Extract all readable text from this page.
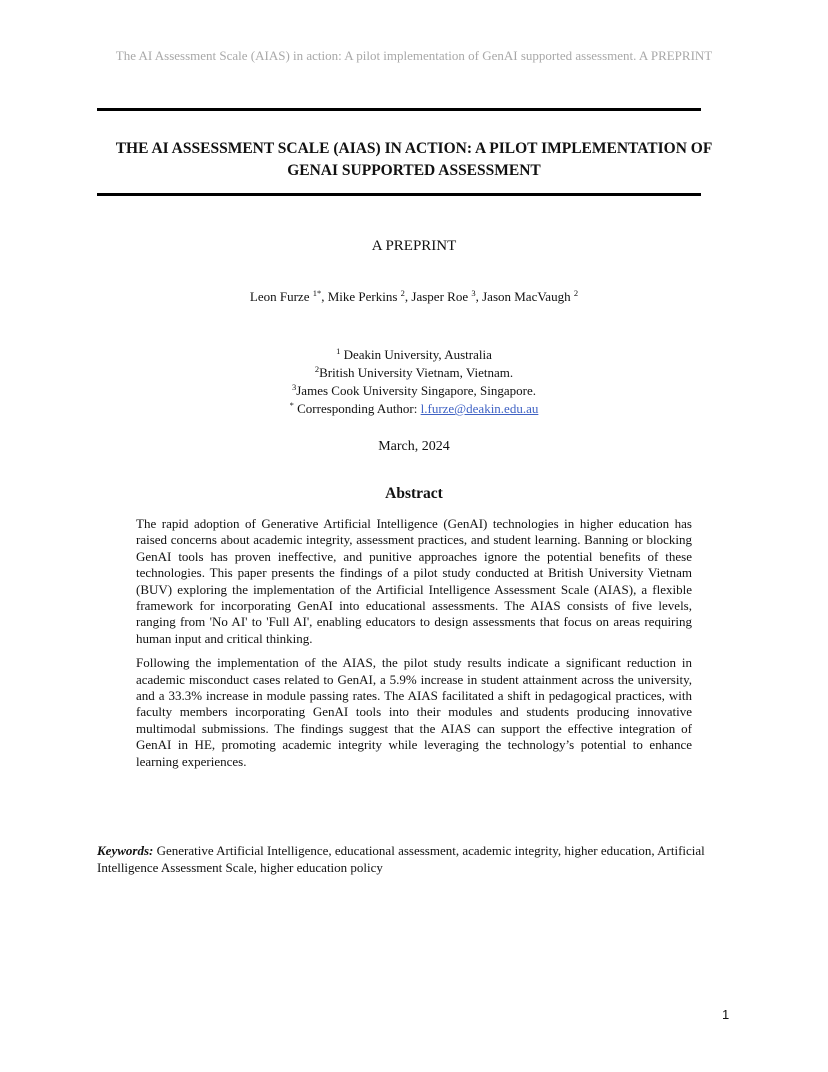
The AI Assessment Scale (AIAS) in action: A pilot implementation of GenAI supported assessment. A PREPRINT
THE AI ASSESSMENT SCALE (AIAS) IN ACTION: A PILOT IMPLEMENTATION OF
GENAI SUPPORTED ASSESSMENT
A PREPRINT
Leon Furze $^{1*}$, Mike Perkins $^2$, Jasper Roe $^3$, Jason MacVaugh $^2$
$^1$ Deakin University, Australia
$^2$British University Vietnam, Vietnam.
$^3$James Cook University Singapore, Singapore.
* Corresponding Author: l.furze@deakin.edu.au
March, 2024
Abstract

The rapid adoption of Generative Artificial Intelligence (GenAI) technologies in higher education has raised concerns about academic integrity, assessment practices, and student learning. Banning or blocking GenAI tools has proven ineffective, and punitive approaches ignore the potential benefits of these technologies. This paper presents the findings of a pilot study conducted at British University Vietnam (BUV) exploring the implementation of the Artificial Intelligence Assessment Scale (AIAS), a flexible framework for incorporating GenAI into educational assessments. The AIAS consists of five levels, ranging from 'No AI' to 'Full AI', enabling educators to design assessments that focus on areas requiring human input and critical thinking.

Following the implementation of the AIAS, the pilot study results indicate a significant reduction in academic misconduct cases related to GenAI, a 5.9% increase in student attainment across the university, and a 33.3% increase in module passing rates. The AIAS facilitated a shift in pedagogical practices, with faculty members incorporating GenAI tools into their modules and students producing innovative multimodal submissions. The findings suggest that the AIAS can support the effective integration of GenAI in HE, promoting academic integrity while leveraging the technology’s potential to enhance learning experiences.

Keywords: Generative Artificial Intelligence, educational assessment, academic integrity, higher education, Artificial Intelligence Assessment Scale, higher education policy
1
